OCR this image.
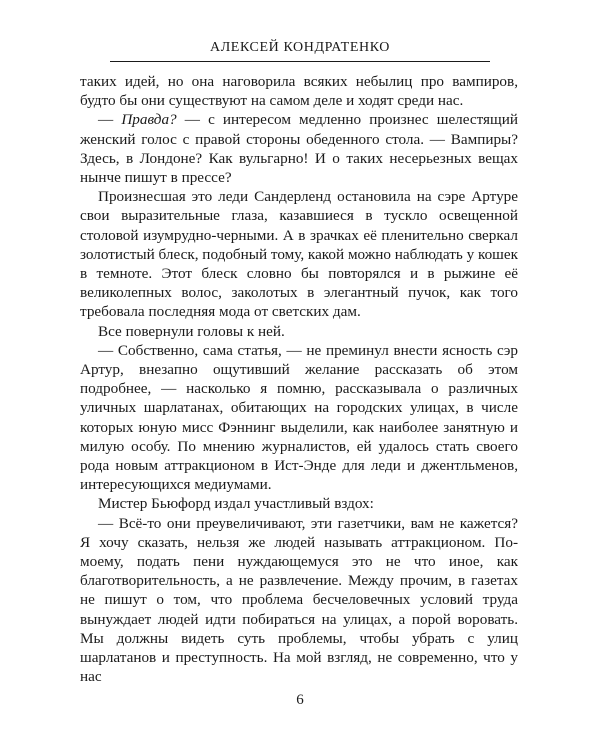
АЛЕКСЕЙ КОНДРАТЕНКО

таких идей, но она наговорила всяких небылиц про вампиров, будто бы они существуют на самом деле и ходят среди нас.

— Правда? — с интересом медленно произнес шелестящий женский голос с правой стороны обеденного стола. — Вампиры? Здесь, в Лондоне? Как вульгарно! И о таких несерьезных вещах нынче пишут в прессе?

Произнесшая это леди Сандерленд остановила на сэре Артуре свои выразительные глаза, казавшиеся в тускло освещенной столовой изумрудно-черными. А в зрачках её пленительно сверкал золотистый блеск, подобный тому, какой можно наблюдать у кошек в темноте. Этот блеск словно бы повторялся и в рыжине её великолепных волос, заколотых в элегантный пучок, как того требовала последняя мода от светских дам.

Все повернули головы к ней.

— Собственно, сама статья, — не преминул внести ясность сэр Артур, внезапно ощутивший желание рассказать об этом подробнее, — насколько я помню, рассказывала о различных уличных шарлатанах, обитающих на городских улицах, в числе которых юную мисс Фэннинг выделили, как наиболее занятную и милую особу. По мнению журналистов, ей удалось стать своего рода новым аттракционом в Ист-Энде для леди и джентльменов, интересующихся медиумами.

Мистер Бьюфорд издал участливый вздох:

— Всё-то они преувеличивают, эти газетчики, вам не кажется? Я хочу сказать, нельзя же людей называть аттракционом. По-моему, подать пени нуждающемуся это не что иное, как благотворительность, а не развлечение. Между прочим, в газетах не пишут о том, что проблема бесчеловечных условий труда вынуждает людей идти побираться на улицах, а порой воровать. Мы должны видеть суть проблемы, чтобы убрать с улиц шарлатанов и преступность. На мой взгляд, не современно, что у нас

6
